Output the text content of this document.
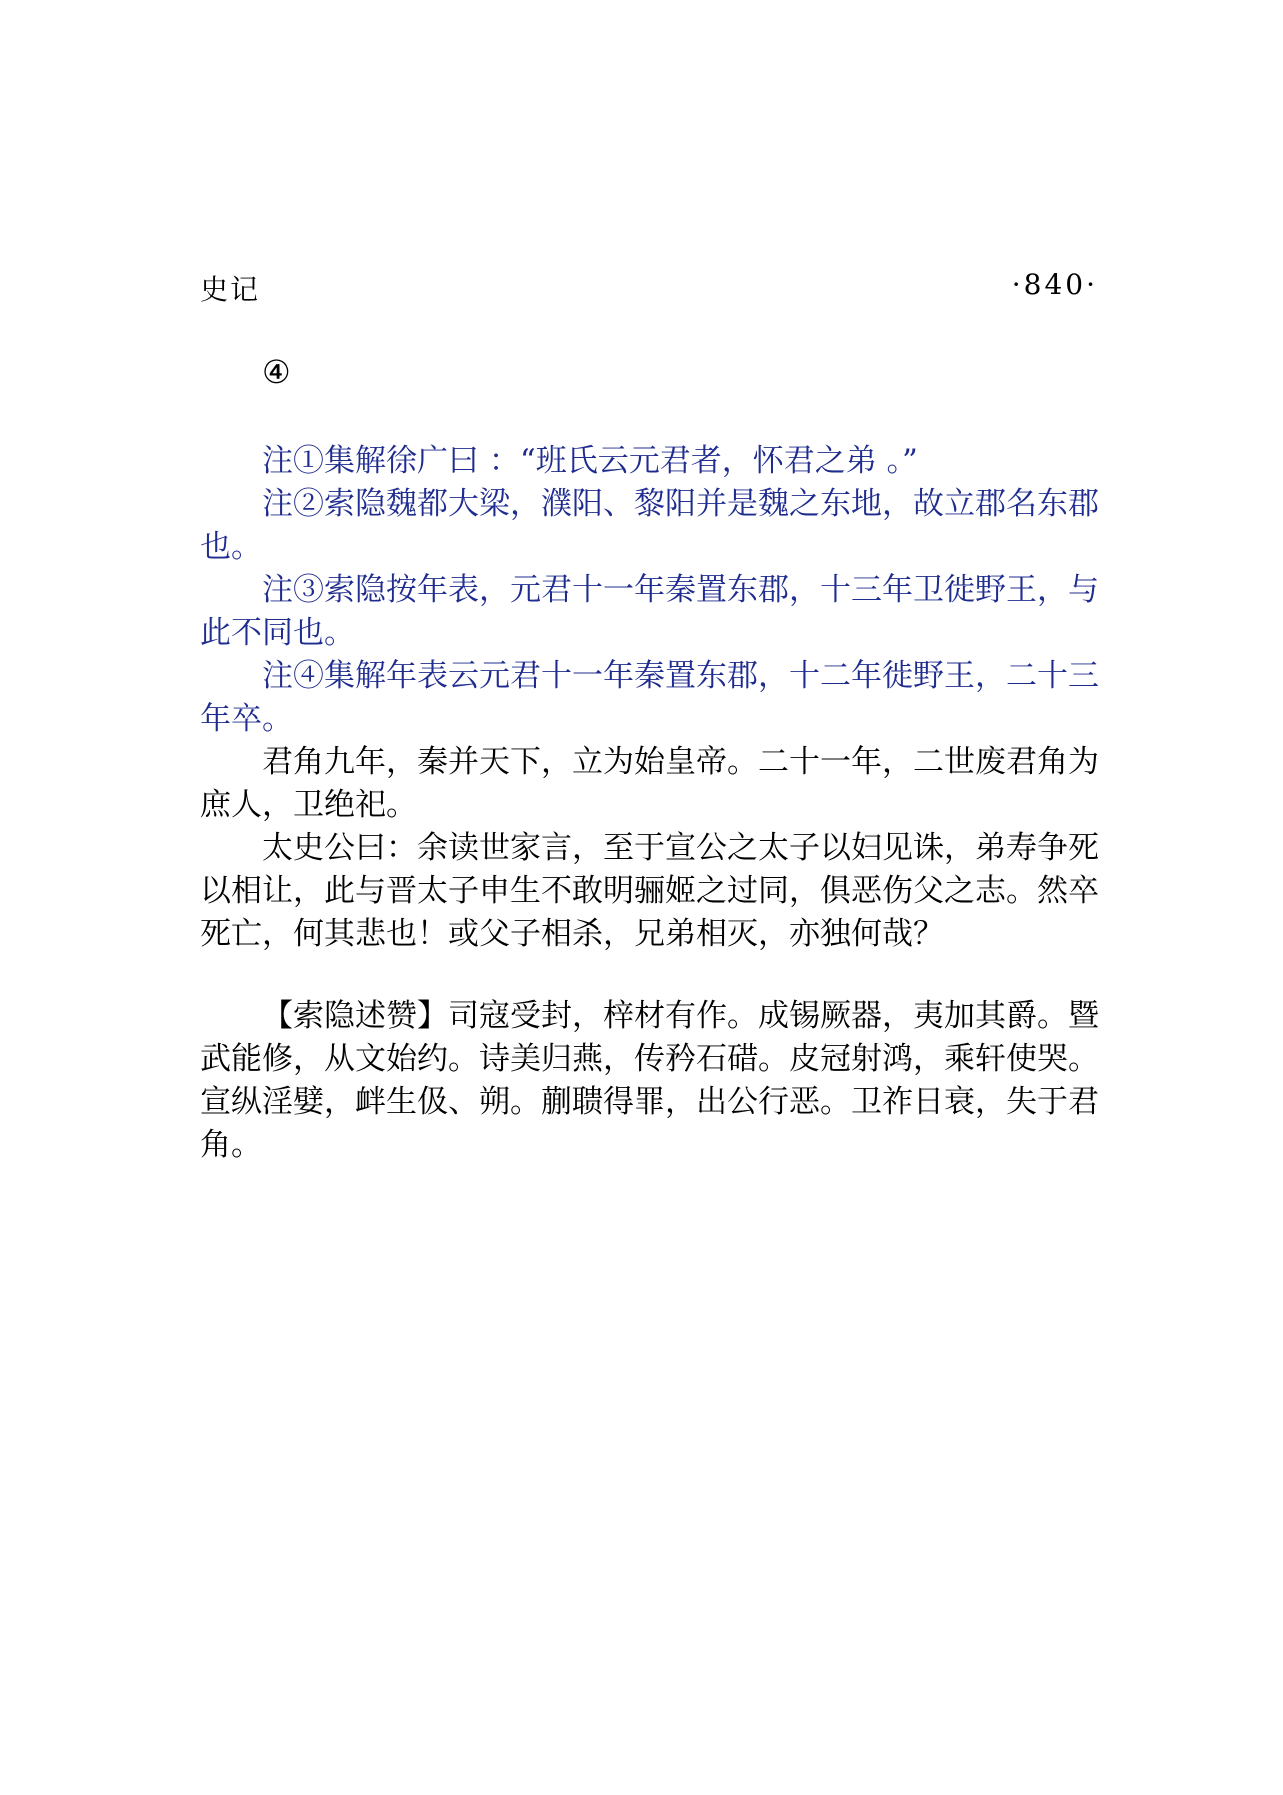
史记	·840·
④

注①集解徐广曰 ：“班氏云元君者，怀君之弟 。”

注②索隐魏都大梁，濮阳、黎阳并是魏之东地，故立郡名东郡也。

注③索隐按年表，元君十一年秦置东郡，十三年卫徙野王，与此不同也。

注④集解年表云元君十一年秦置东郡，十二年徙野王，二十三年卒。

君角九年，秦并天下，立为始皇帝。二十一年，二世废君角为庶人，卫绝祀。

太史公曰：余读世家言，至于宣公之太子以妇见诛，弟寿争死以相让，此与晋太子申生不敢明骊姬之过同，俱恶伤父之志。然卒死亡，何其悲也！或父子相杀，兄弟相灭，亦独何哉？

【索隐述赞】司寇受封，梓材有作。成锡厥器，夷加其爵。暨武能修，从文始约。诗美归燕，传矜石碏。皮冠射鸿，乘轩使哭。宣纵淫嬖，衅生伋、朔。蒯聩得罪，出公行恶。卫祚日衰，失于君角。
